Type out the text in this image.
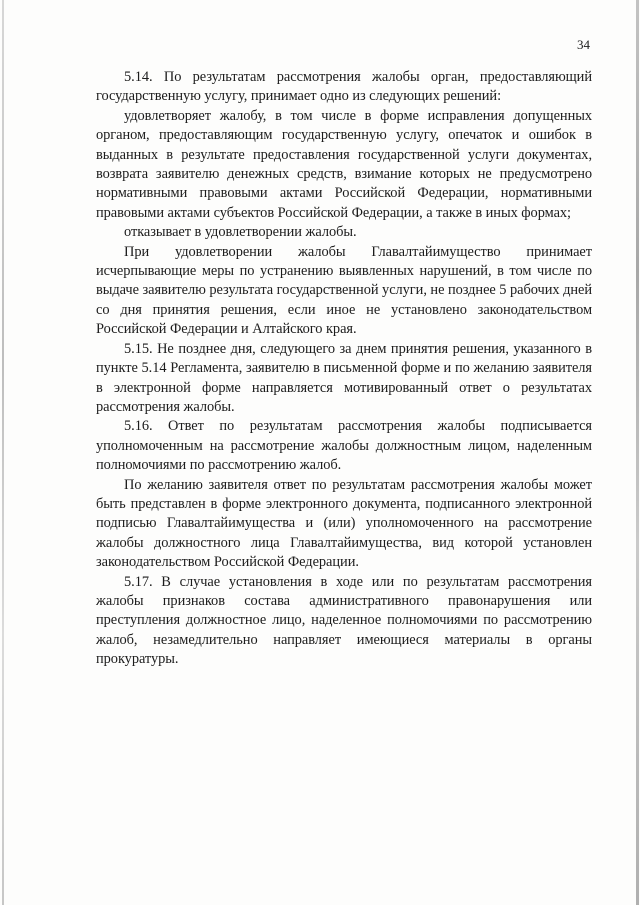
34

5.14. По результатам рассмотрения жалобы орган, предоставляющий государственную услугу, принимает одно из следующих решений:

удовлетворяет жалобу, в том числе в форме исправления допущенных органом, предоставляющим государственную услугу, опечаток и ошибок в выданных в результате предоставления государственной услуги документах, возврата заявителю денежных средств, взимание которых не предусмотрено нормативными правовыми актами Российской Федерации, нормативными правовыми актами субъектов Российской Федерации, а также в иных формах;

отказывает в удовлетворении жалобы.

При удовлетворении жалобы Главалтайимущество принимает исчерпывающие меры по устранению выявленных нарушений, в том числе по выдаче заявителю результата государственной услуги, не позднее 5 рабочих дней со дня принятия решения, если иное не установлено законодательством Российской Федерации и Алтайского края.

5.15. Не позднее дня, следующего за днем принятия решения, указанного в пункте 5.14 Регламента, заявителю в письменной форме и по желанию заявителя в электронной форме направляется мотивированный ответ о результатах рассмотрения жалобы.

5.16. Ответ по результатам рассмотрения жалобы подписывается уполномоченным на рассмотрение жалобы должностным лицом, наделенным полномочиями по рассмотрению жалоб.

По желанию заявителя ответ по результатам рассмотрения жалобы может быть представлен в форме электронного документа, подписанного электронной подписью Главалтайимущества и (или) уполномоченного на рассмотрение жалобы должностного лица Главалтайимущества, вид которой установлен законодательством Российской Федерации.

5.17. В случае установления в ходе или по результатам рассмотрения жалобы признаков состава административного правонарушения или преступления должностное лицо, наделенное полномочиями по рассмотрению жалоб, незамедлительно направляет имеющиеся материалы в органы прокуратуры.
